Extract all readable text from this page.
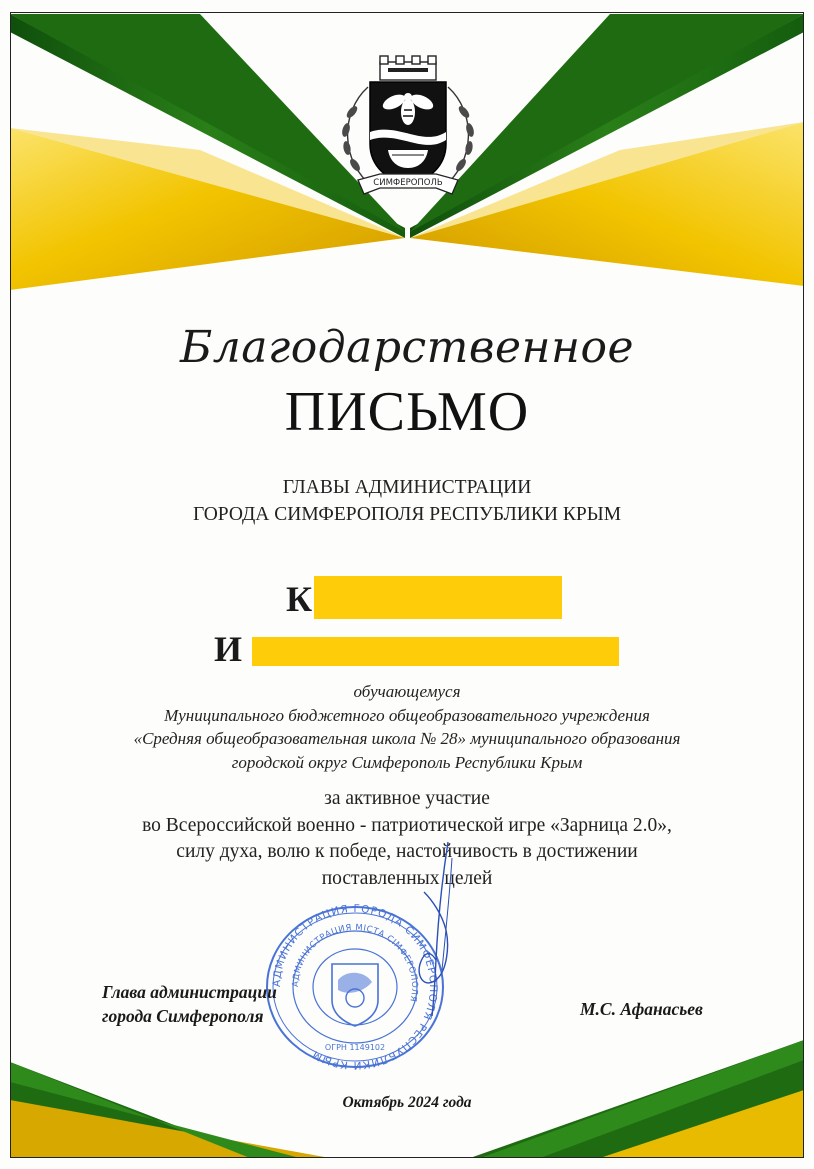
СИМФЕРОПОЛЬ
Благодарственное
ПИСЬМО
ГЛАВЫ АДМИНИСТРАЦИИ
ГОРОДА СИМФЕРОПОЛЯ РЕСПУБЛИКИ КРЫМ
К
И
обучающемуся
Муниципального бюджетного общеобразовательного учреждения
«Средняя общеобразовательная школа № 28» муниципального образования
городской округ Симферополь Республики Крым
за активное участие
во Всероссийской военно - патриотической игре «Зарница 2.0»,
силу духа, волю к победе, настойчивость в достижении
поставленных целей
АДМИНИСТРАЦИЯ ГОРОДА СИМФЕРОПОЛЯ РЕСПУБЛИКИ КРЫМ
АДМИНИСТРАЦИЯ МІСТА СІМФЕРОПОЛЯ
ОГРН 1149102
Глава администрации
города Симферополя	М.С. Афанасьев
Октябрь 2024 года
